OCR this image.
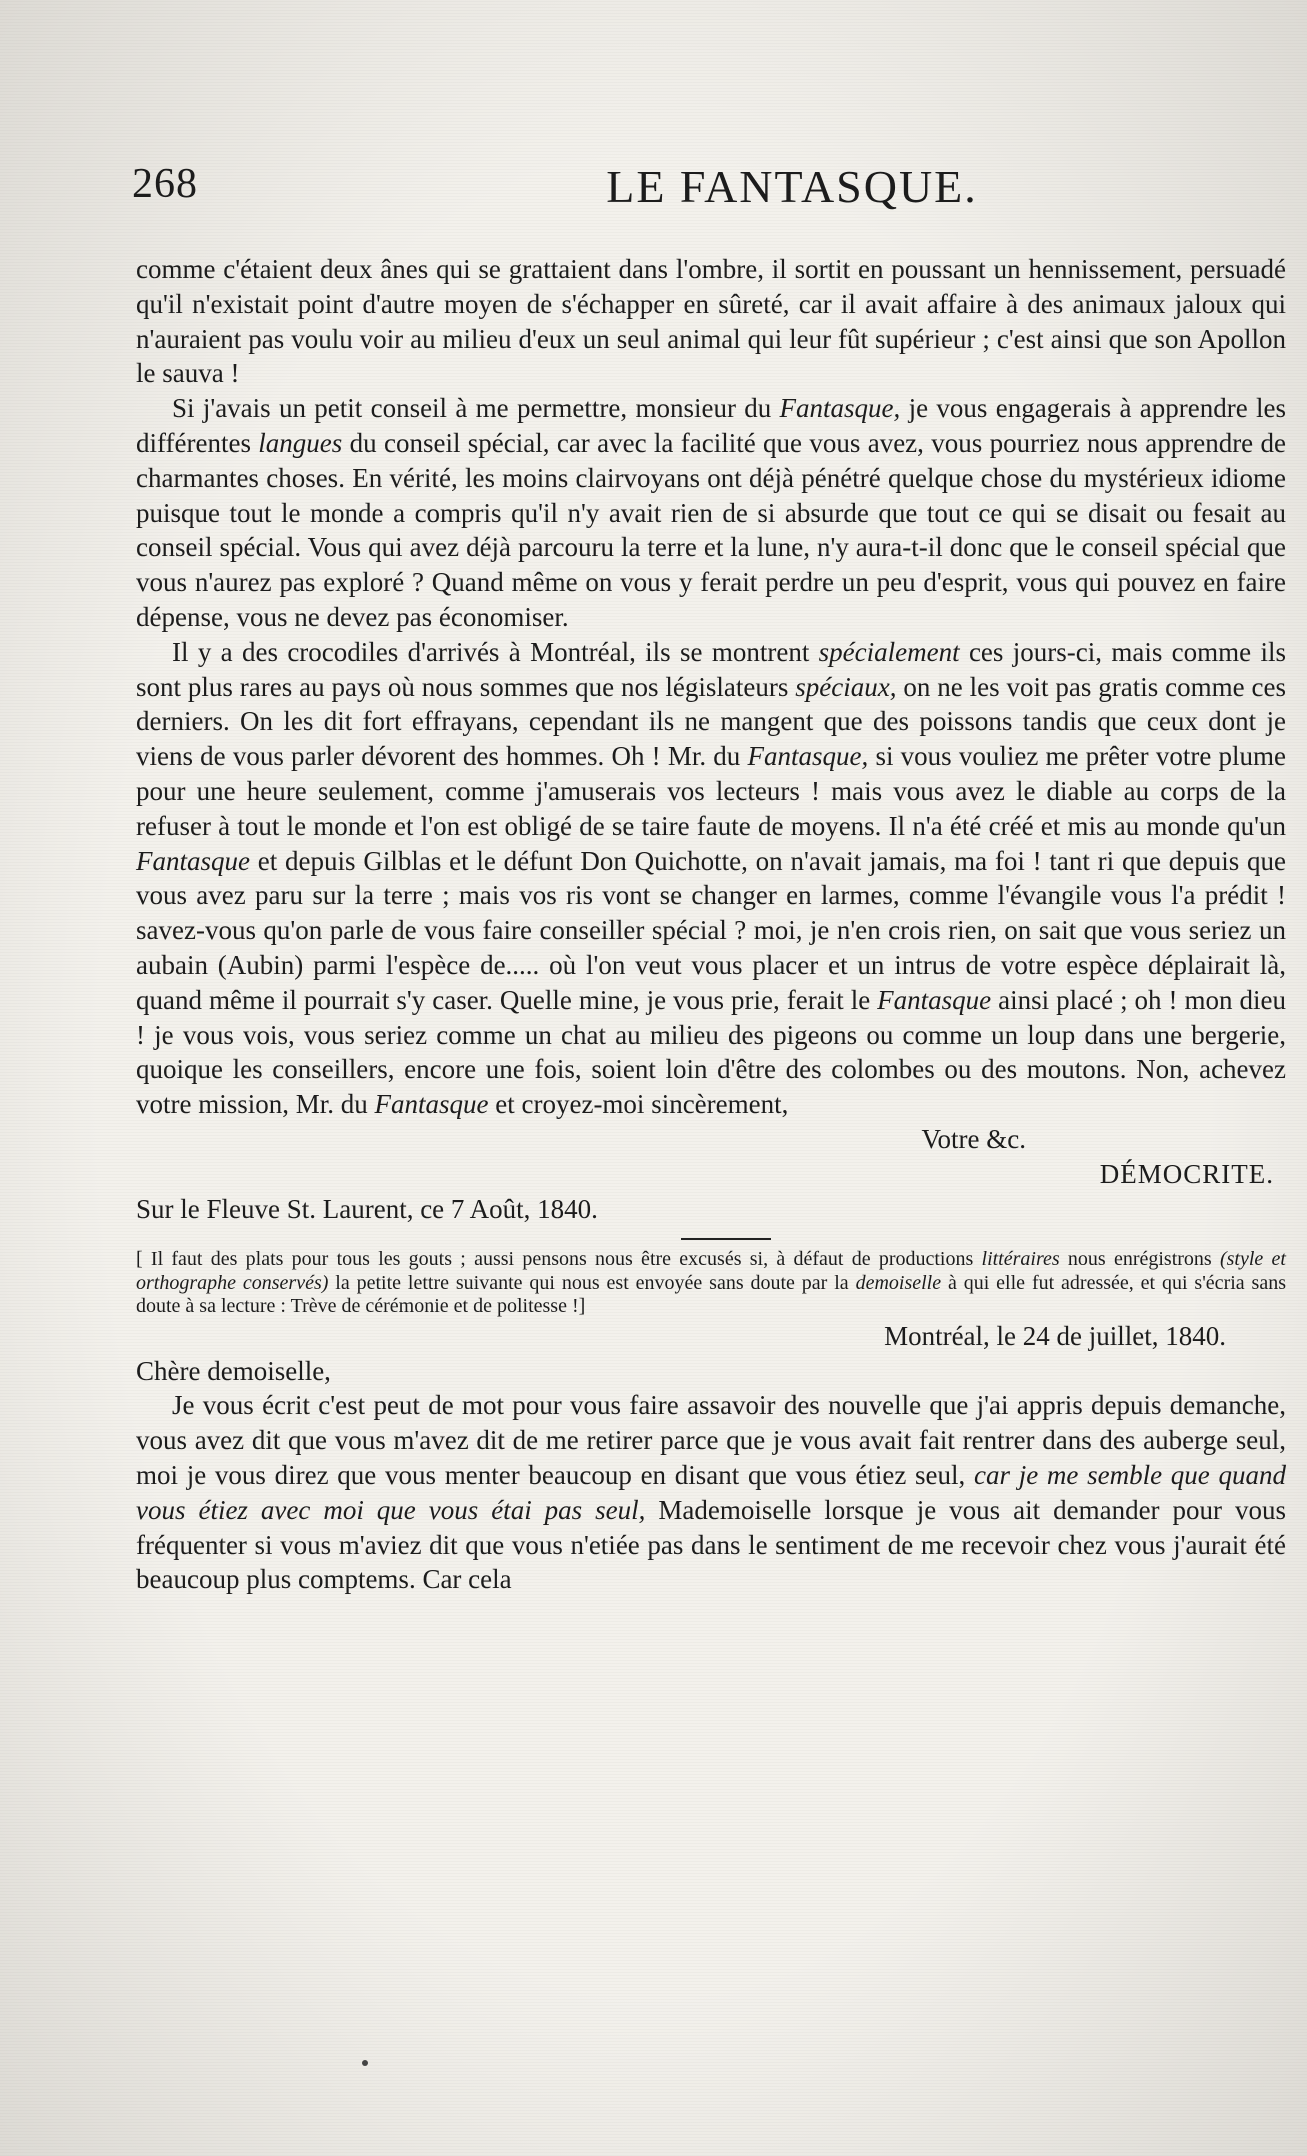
268	LE FANTASQUE.

comme c'étaient deux ânes qui se grattaient dans l'ombre, il sortit en poussant un hennissement, persuadé qu'il n'existait point d'autre moyen de s'échapper en sûreté, car il avait affaire à des animaux jaloux qui n'auraient pas voulu voir au milieu d'eux un seul animal qui leur fût supérieur ; c'est ainsi que son Apollon le sauva !

Si j'avais un petit conseil à me permettre, monsieur du Fantasque, je vous engagerais à apprendre les différentes langues du conseil spécial, car avec la facilité que vous avez, vous pourriez nous apprendre de charmantes choses. En vérité, les moins clairvoyans ont déjà pénétré quelque chose du mystérieux idiome puisque tout le monde a compris qu'il n'y avait rien de si absurde que tout ce qui se disait ou fesait au conseil spécial. Vous qui avez déjà parcouru la terre et la lune, n'y aura-t-il donc que le conseil spécial que vous n'aurez pas exploré ? Quand même on vous y ferait perdre un peu d'esprit, vous qui pouvez en faire dépense, vous ne devez pas économiser.

Il y a des crocodiles d'arrivés à Montréal, ils se montrent spécialement ces jours-ci, mais comme ils sont plus rares au pays où nous sommes que nos législateurs spéciaux, on ne les voit pas gratis comme ces derniers. On les dit fort effrayans, cependant ils ne mangent que des poissons tandis que ceux dont je viens de vous parler dévorent des hommes. Oh ! Mr. du Fantasque, si vous vouliez me prêter votre plume pour une heure seulement, comme j'amuserais vos lecteurs ! mais vous avez le diable au corps de la refuser à tout le monde et l'on est obligé de se taire faute de moyens. Il n'a été créé et mis au monde qu'un Fantasque et depuis Gilblas et le défunt Don Quichotte, on n'avait jamais, ma foi ! tant ri que depuis que vous avez paru sur la terre ; mais vos ris vont se changer en larmes, comme l'évangile vous l'a prédit ! savez-vous qu'on parle de vous faire conseiller spécial ? moi, je n'en crois rien, on sait que vous seriez un aubain (Aubin) parmi l'espèce de..... où l'on veut vous placer et un intrus de votre espèce déplairait là, quand même il pourrait s'y caser. Quelle mine, je vous prie, ferait le Fantasque ainsi placé ; oh ! mon dieu ! je vous vois, vous seriez comme un chat au milieu des pigeons ou comme un loup dans une bergerie, quoique les conseillers, encore une fois, soient loin d'être des colombes ou des moutons. Non, achevez votre mission, Mr. du Fantasque et croyez-moi sincèrement,

Votre &c.

DÉMOCRITE.

Sur le Fleuve St. Laurent, ce 7 Août, 1840.

[ Il faut des plats pour tous les gouts ; aussi pensons nous être excusés si, à défaut de productions littéraires nous enrégistrons (style et orthographe conservés) la petite lettre suivante qui nous est envoyée sans doute par la demoiselle à qui elle fut adressée, et qui s'écria sans doute à sa lecture : Trève de cérémonie et de politesse !]

Montréal, le 24 de juillet, 1840.

Chère demoiselle,

Je vous écrit c'est peut de mot pour vous faire assavoir des nouvelle que j'ai appris depuis demanche, vous avez dit que vous m'avez dit de me retirer parce que je vous avait fait rentrer dans des auberge seul, moi je vous direz que vous menter beaucoup en disant que vous étiez seul, car je me semble que quand vous étiez avec moi que vous étai pas seul, Mademoiselle lorsque je vous ait demander pour vous fréquenter si vous m'aviez dit que vous n'etiée pas dans le sentiment de me recevoir chez vous j'aurait été beaucoup plus comptems. Car cela
